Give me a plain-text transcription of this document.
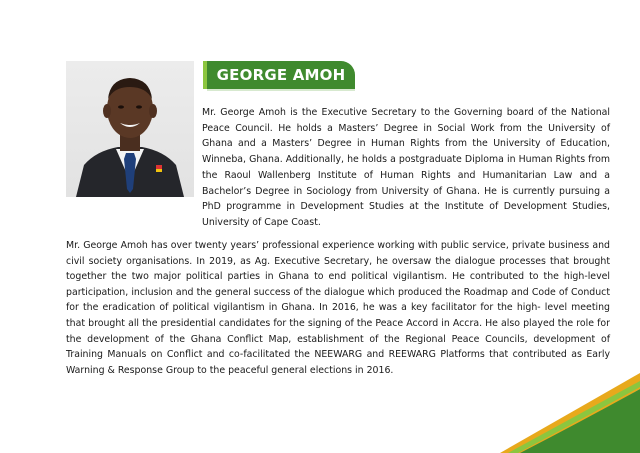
GEORGE AMOH

Mr. George Amoh is the Executive Secretary to the Governing board of the National Peace Council. He holds a Masters’ Degree in Social Work from the University of Ghana and a Masters’ Degree in Human Rights from the University of Education, Winneba, Ghana. Additionally, he holds a postgraduate Diploma in Human Rights from the Raoul Wallenberg Institute of Human Rights and Humanitarian Law and a Bachelor’s Degree in Sociology from University of Ghana. He is currently pursuing a PhD programme in Development Studies at the Institute of Development Studies, University of Cape Coast.

Mr. George Amoh has over twenty years’ professional experience working with public service, private business and civil society organisations. In 2019, as Ag. Executive Secretary, he oversaw the dialogue processes that brought together the two major political parties in Ghana to end political vigilantism. He contributed to the high-level participation, inclusion and the general success of the dialogue which produced the Roadmap and Code of Conduct for the eradication of political vigilantism in Ghana. In 2016, he was a key facilitator for the high- level meeting that brought all the presidential candidates for the signing of the Peace Accord in Accra. He also played the role for the development of the Ghana Conflict Map, establishment of the Regional Peace Councils, development of Training Manuals on Conflict and co-facilitated the NEEWARG and REEWARG Platforms that contributed as Early Warning & Response Group to the peaceful general elections in 2016.
